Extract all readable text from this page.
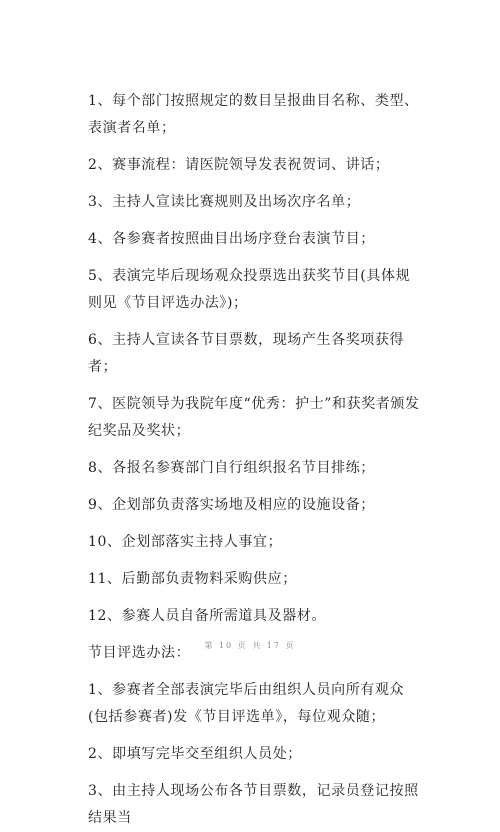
1、每个部门按照规定的数目呈报曲目名称、类型、表演者名单；

2、赛事流程：请医院领导发表祝贺词、讲话；

3、主持人宣读比赛规则及出场次序名单；

4、各参赛者按照曲目出场序登台表演节目；

5、表演完毕后现场观众投票选出获奖节目(具体规则见《节目评选办法》)；

6、主持人宣读各节目票数，现场产生各奖项获得者；

7、医院领导为我院年度“优秀：护士”和获奖者颁发纪奖品及奖状；

8、各报名参赛部门自行组织报名节目排练；

9、企划部负责落实场地及相应的设施设备；

10、企划部落实主持人事宜；

11、后勤部负责物料采购供应；

12、参赛人员自备所需道具及器材。

节目评选办法：

1、参赛者全部表演完毕后由组织人员向所有观众(包括参赛者)发《节目评选单》，每位观众随；

2、即填写完毕交至组织人员处；

3、由主持人现场公布各节目票数，记录员登记按照结果当

第 10 页 共 17 页
